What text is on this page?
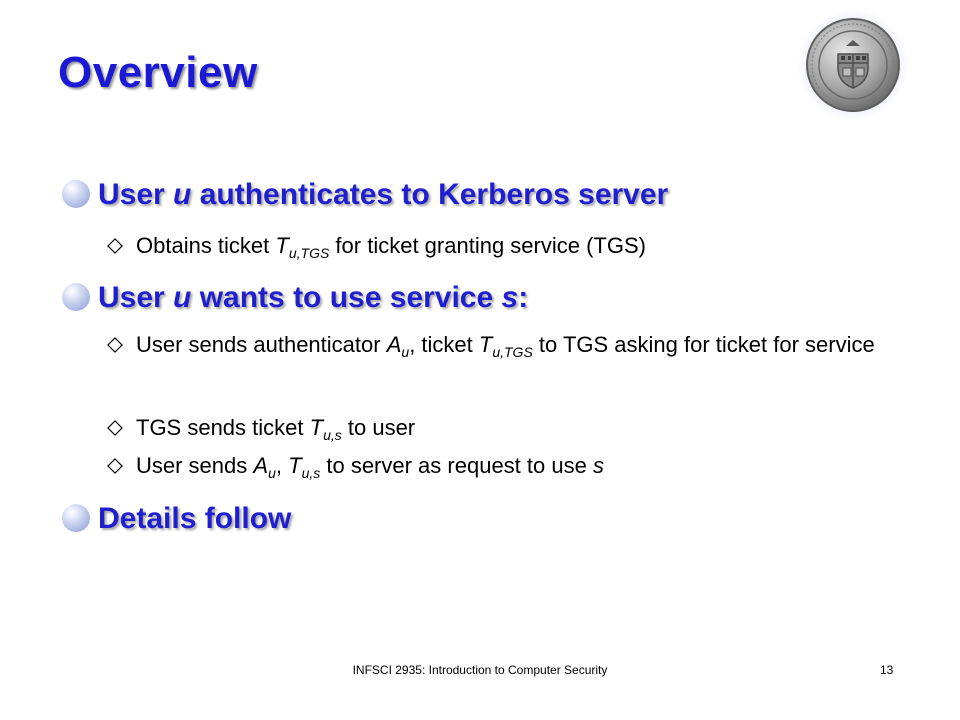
Overview
User u authenticates to Kerberos server
Obtains ticket $T_{u,TGS}$ for ticket granting service (TGS)
User u wants to use service s:
User sends authenticator $A_u$, ticket $T_{u,TGS}$ to TGS asking for ticket for service
TGS sends ticket $T_{u,s}$ to user
User sends $A_u$, $T_{u,s}$ to server as request to use s
Details follow
INFSCI 2935: Introduction to Computer Security	13
